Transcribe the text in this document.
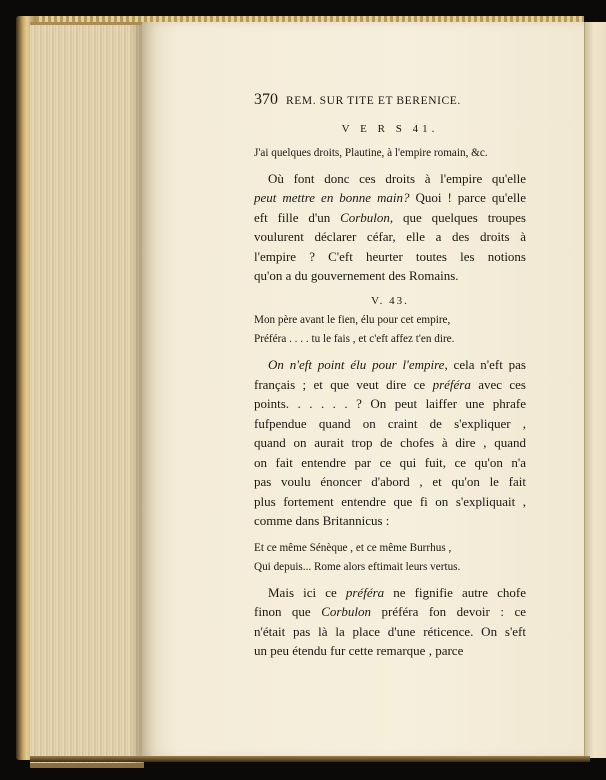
370 REM. SUR TITE ET BERENICE.
V E R S 41.
J'ai quelques droits, Plautine, à l'empire romain, &c.
Où font donc ces droits à l'empire qu'elle
peut mettre en bonne main? Quoi ! parce qu'elle
eft fille d'un Corbulon, que quelques troupes
voulurent déclarer céfar, elle a des droits à
l'empire ? C'eft heurter toutes les notions
qu'on a du gouvernement des Romains.
V. 43.
Mon père avant le fien, élu pour cet empire,
Préféra . . . . tu le fais , et c'eft affez t'en dire.
On n'eft point élu pour l'empire, cela n'eft pas
français ; et que veut dire ce préféra avec ces
points. . . . . . ? On peut laiffer une phrafe
fufpendue quand on craint de s'expliquer ,
quand on aurait trop de chofes à dire , quand
on fait entendre par ce qui fuit, ce qu'on n'a
pas voulu énoncer d'abord , et qu'on le fait
plus fortement entendre que fi on s'expliquait ,
comme dans Britannicus :
Et ce même Sénèque , et ce même Burrhus ,
Qui depuis... Rome alors eftimait leurs vertus.
Mais ici ce préféra ne fignifie autre chofe
finon que Corbulon préféra fon devoir : ce
n'était pas là la place d'une réticence. On s'eft
un peu étendu fur cette remarque , parce
